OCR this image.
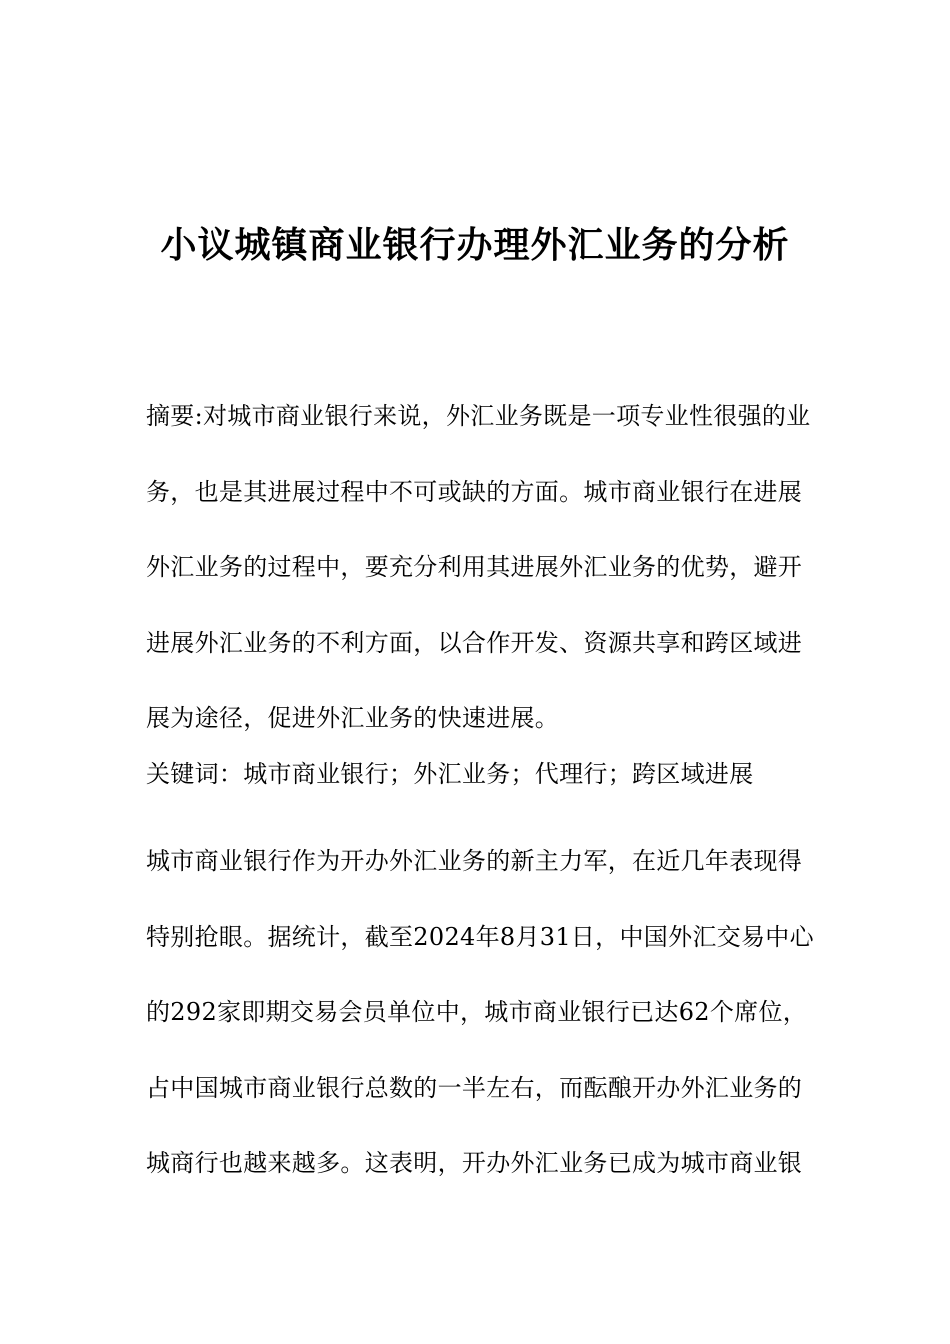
小议城镇商业银行办理外汇业务的分析

摘要:对城市商业银行来说，外汇业务既是一项专业性很强的业务，也是其进展过程中不可或缺的方面。城市商业银行在进展外汇业务的过程中，要充分利用其进展外汇业务的优势，避开进展外汇业务的不利方面，以合作开发、资源共享和跨区域进展为途径，促进外汇业务的快速进展。

关键词：城市商业银行；外汇业务；代理行；跨区域进展

城市商业银行作为开办外汇业务的新主力军，在近几年表现得特别抢眼。据统计，截至2024年8月31日，中国外汇交易中心的292家即期交易会员单位中，城市商业银行已达62个席位，占中国城市商业银行总数的一半左右，而酝酿开办外汇业务的城商行也越来越多。这表明，开办外汇业务已成为城市商业银
